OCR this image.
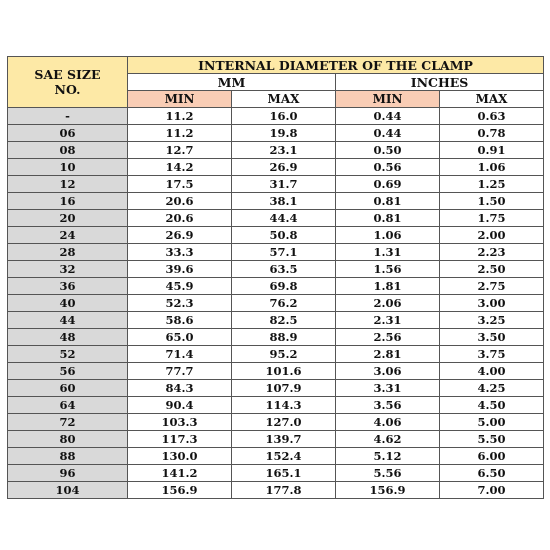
SAE SIZE
NO.	INTERNAL DIAMETER OF THE CLAMP			
	MM		INCHES	
	MIN	MAX	MIN	MAX
-	11.2	16.0	0.44	0.63
06	11.2	19.8	0.44	0.78
08	12.7	23.1	0.50	0.91
10	14.2	26.9	0.56	1.06
12	17.5	31.7	0.69	1.25
16	20.6	38.1	0.81	1.50
20	20.6	44.4	0.81	1.75
24	26.9	50.8	1.06	2.00
28	33.3	57.1	1.31	2.23
32	39.6	63.5	1.56	2.50
36	45.9	69.8	1.81	2.75
40	52.3	76.2	2.06	3.00
44	58.6	82.5	2.31	3.25
48	65.0	88.9	2.56	3.50
52	71.4	95.2	2.81	3.75
56	77.7	101.6	3.06	4.00
60	84.3	107.9	3.31	4.25
64	90.4	114.3	3.56	4.50
72	103.3	127.0	4.06	5.00
80	117.3	139.7	4.62	5.50
88	130.0	152.4	5.12	6.00
96	141.2	165.1	5.56	6.50
104	156.9	177.8	156.9	7.00
